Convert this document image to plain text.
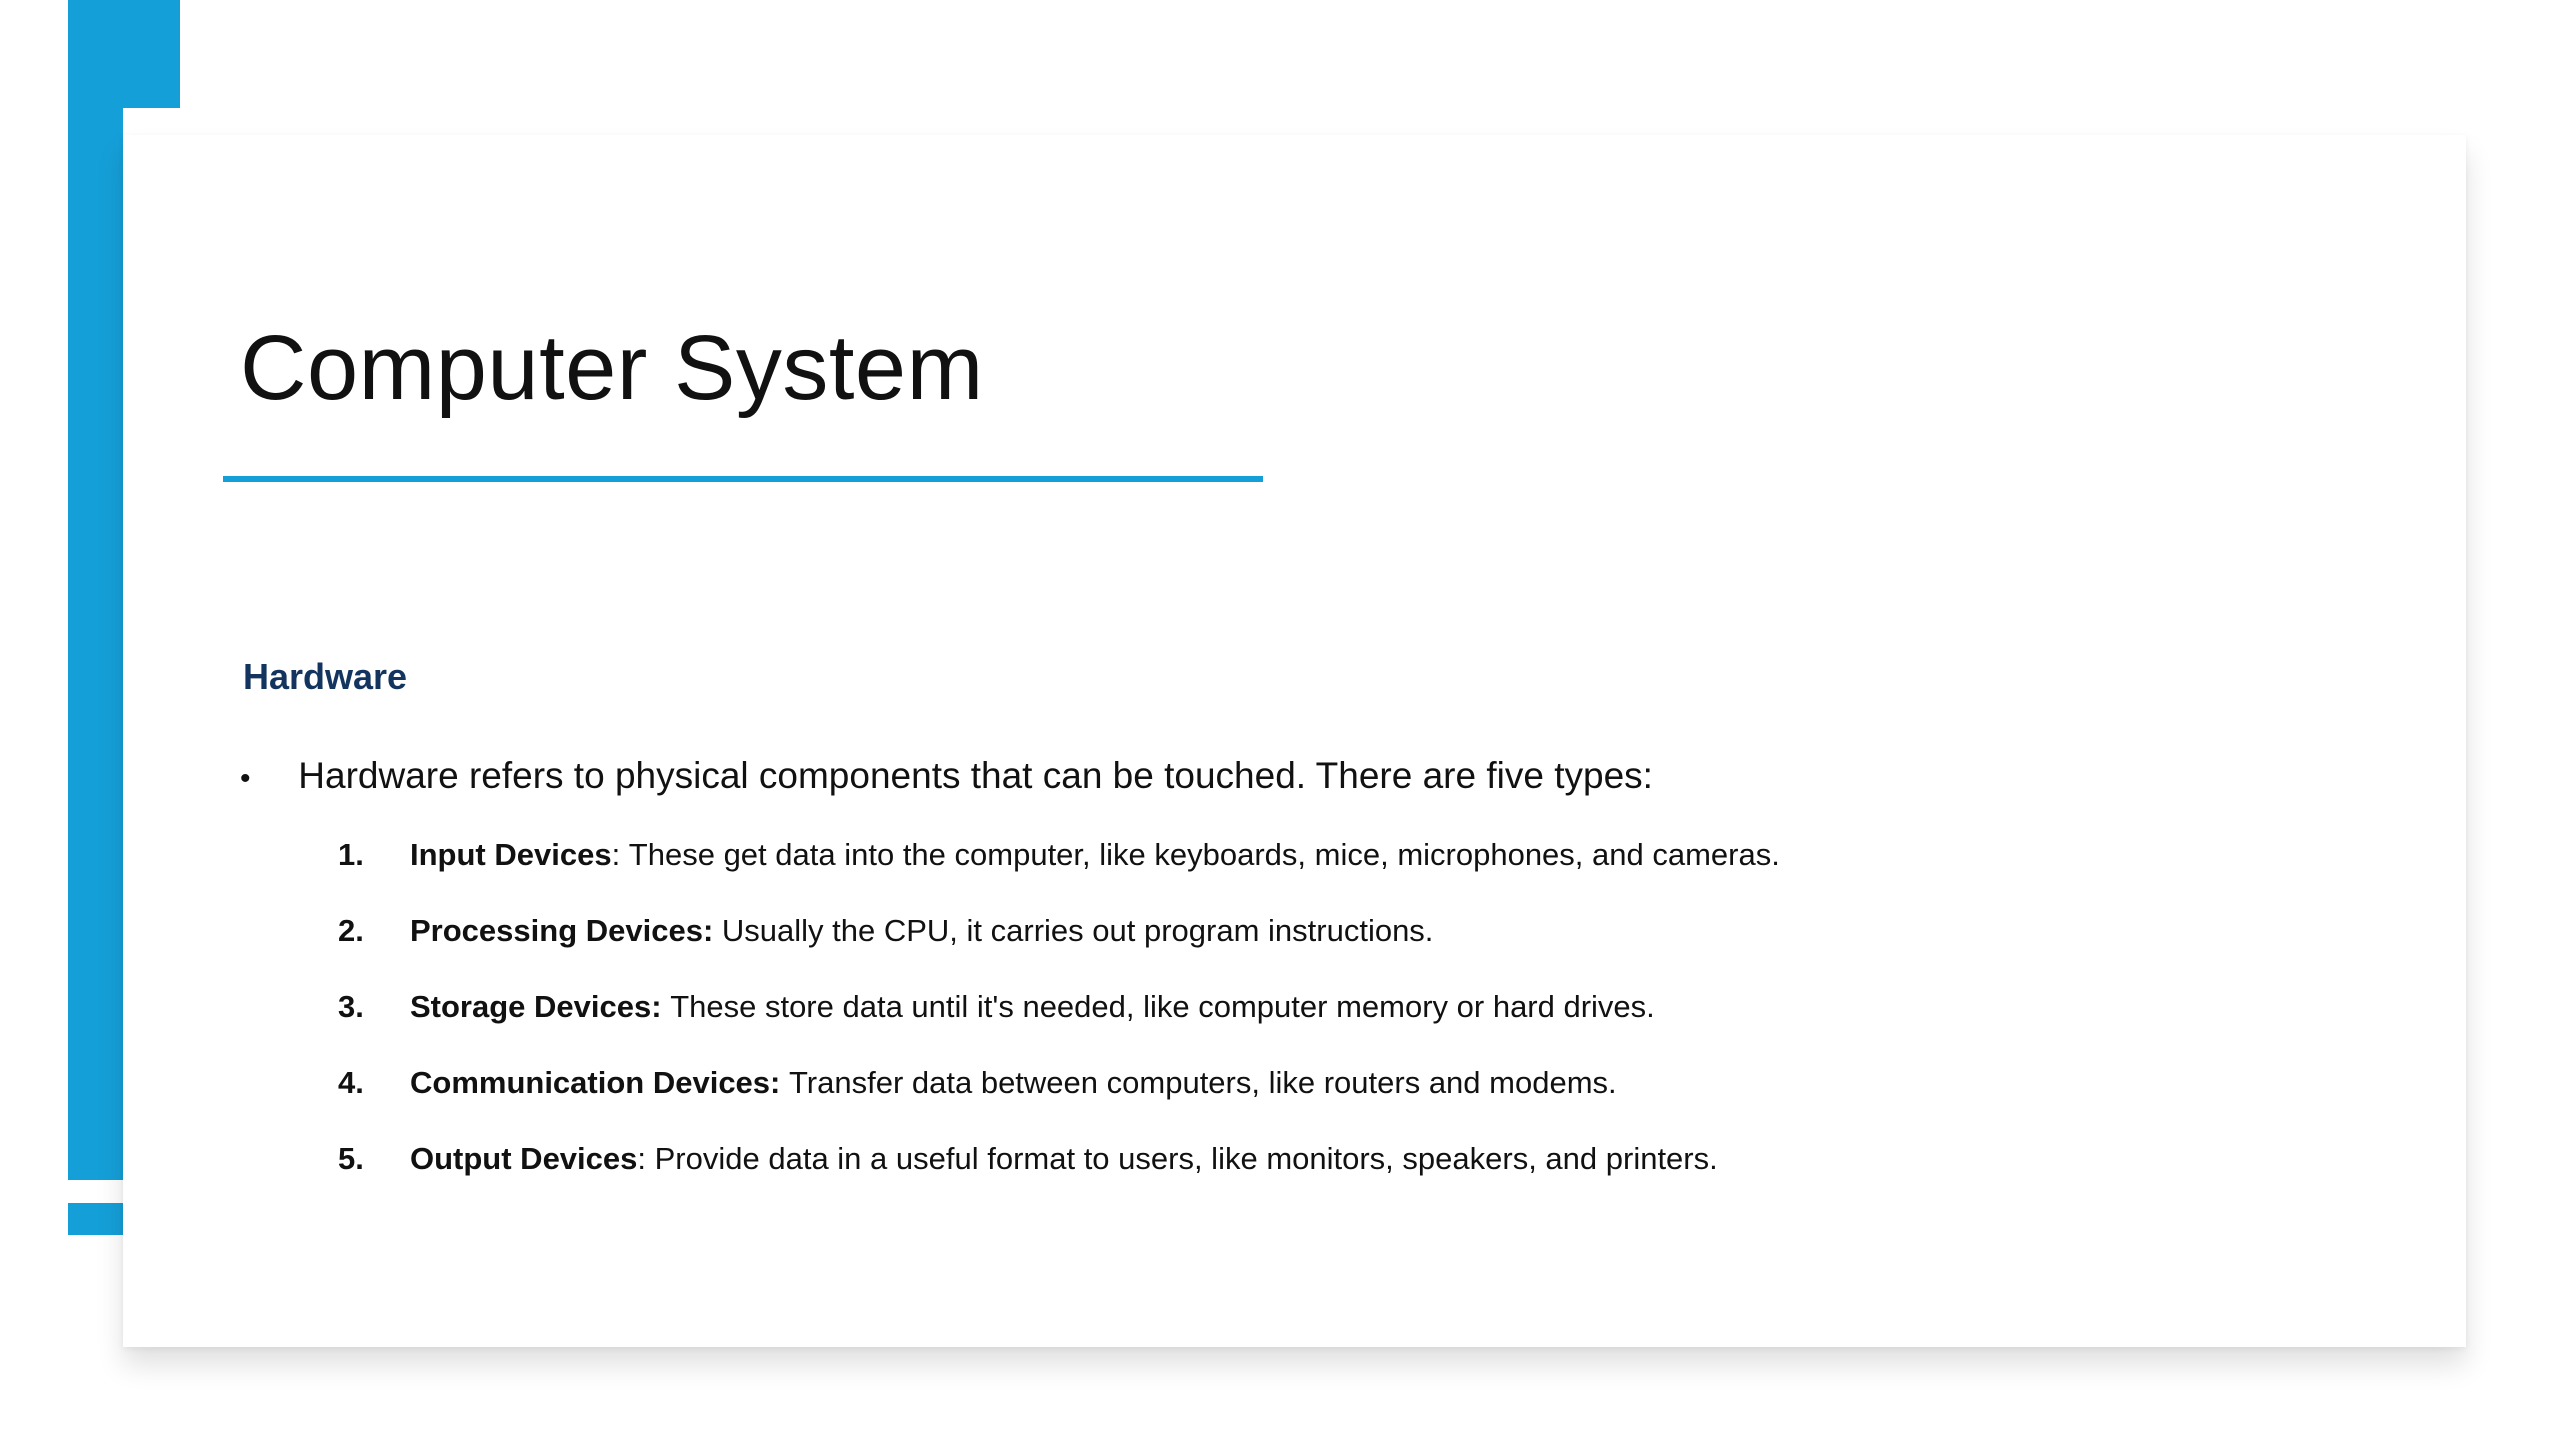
Computer System
Hardware

• Hardware refers to physical components that can be touched. There are five types:

1.	Input Devices : These get data into the computer, like keyboards, mice, microphones, and cameras.
2.	Processing Devices:
Usually the CPU, it carries out program instructions.
3.	Storage Devices:
These store data until it's needed, like computer memory or hard drives.
4.	Communication Devices:
Transfer data between computers, like routers and modems.
5.	Output Devices : Provide data in a useful format to users, like monitors, speakers, and printers.
